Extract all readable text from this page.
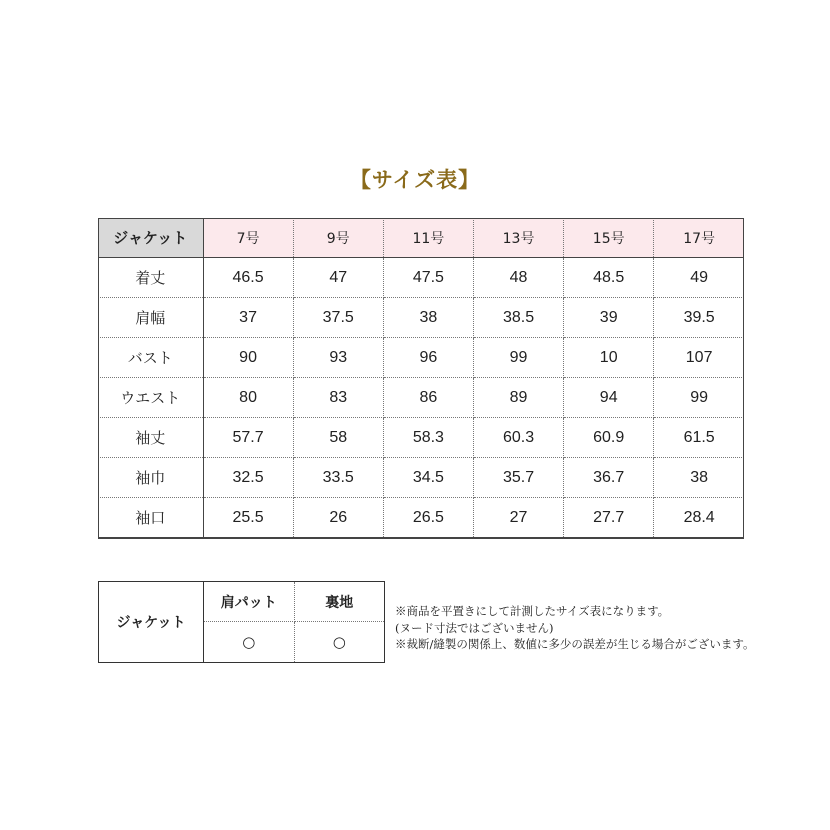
【サイズ表】
ジャケット	7号	9号	11号	13号	15号	17号
着丈	46.5	47	47.5	48	48.5	49
肩幅	37	37.5	38	38.5	39	39.5
バスト	90	93	96	99	10	107
ウエスト	80	83	86	89	94	99
袖丈	57.7	58	58.3	60.3	60.9	61.5
袖巾	32.5	33.5	34.5	35.7	36.7	38
袖口	25.5	26	26.5	27	27.7	28.4
ジャケット	肩パット	裏地
	○	○
※商品を平置きにして計測したサイズ表になります。
(ヌード寸法ではございません)
※裁断/縫製の関係上、数値に多少の誤差が生じる場合がございます。
